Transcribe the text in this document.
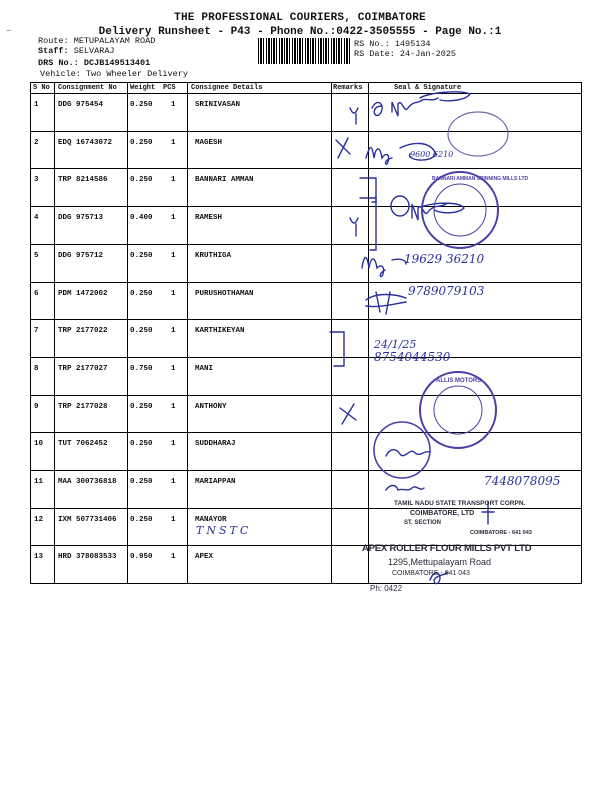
∽
THE PROFESSIONAL COURIERS, COIMBATORE
Delivery Runsheet - P43 - Phone No.:0422-3505555 - Page No.:1
Route: METUPALAYAM ROAD
Staff: SELVARAJ
DRS No.: DCJB149513401
Vehicle: Two Wheeler Delivery
RS No.: 1495134
RS Date: 24-Jan-2025
S No Consignment No Weight PCS Consignee Details	Remarks	Seal & Signature
1	DDG 975454	0.250 1	SRINIVASAN
2	EDQ 16743072 0.250 1	MAGESH
3	TRP 8214586	0.250 1	BANNARI AMMAN
4	DDG 975713	0.400 1	RAMESH
5	DDG 975712	0.250 1	KRUTHIGA
6	PDM 1472002	0.250 1	PURUSHOTHAMAN
7	TRP 2177022	0.250 1	KARTHIKEYAN
8	TRP 2177027	0.750 1	MANI
9	TRP 2177028	0.250 1	ANTHONY
10 TUT 7062452	0.250 1	SUDDHARAJ
11 MAA 300736818 0.250 1	MARIAPPAN
12 IXM 507731406 0.250 1	MANAYOR
13 HRD 378083533 0.950 1	APEX
9600 6210
19629 36210
9789079103
24/1/25
8754044530
7448078095
TNSTC
BANNARI AMMAN SPINNING MILLS LTD
ALLIS MOTORS
TAMIL NADU STATE TRANSPORT CORPN.
COIMBATORE, LTD
ST. SECTION
COIMBATORE - 641 043
APEX ROLLER FLOUR MILLS PVT LTD
1295,Mettupalayam Road
COIMBATORE - 641 043
Ph: 0422
